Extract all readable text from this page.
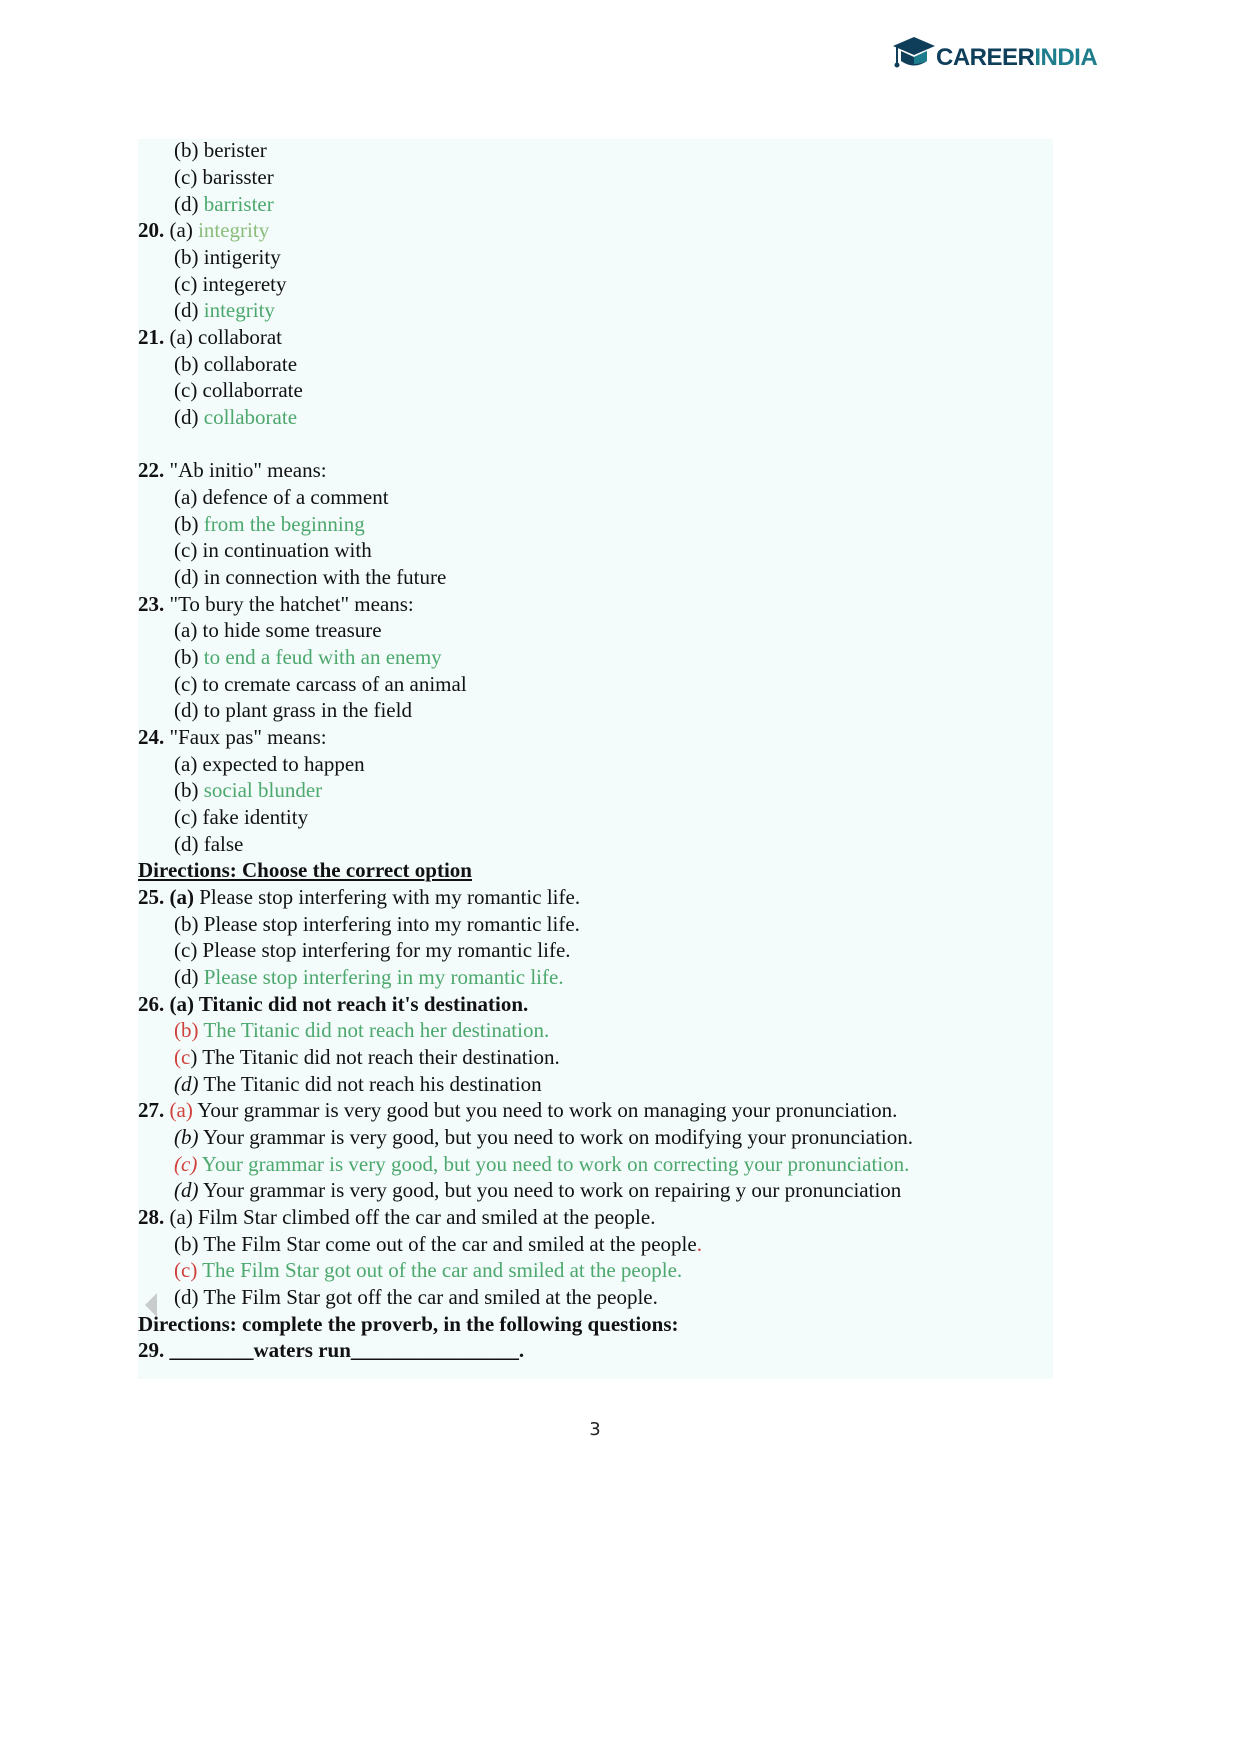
CAREERINDIA
(b) berister
(c) barisster
(d) barrister
20. (a) integrity
(b) intigerity
(c) integerety
(d) integrity
21. (a) collaborat
(b) collaborate
(c) collaborrate
(d) collaborate
22. "Ab initio" means:
(a) defence of a comment
(b) from the beginning
(c) in continuation with
(d) in connection with the future
23. "To bury the hatchet" means:
(a) to hide some treasure
(b) to end a feud with an enemy
(c) to cremate carcass of an animal
(d) to plant grass in the field
24. "Faux pas" means:
(a) expected to happen
(b) social blunder
(c) fake identity
(d) false
Directions: Choose the correct option
25. (a) Please stop interfering with my romantic life.
(b) Please stop interfering into my romantic life.
(c) Please stop interfering for my romantic life.
(d) Please stop interfering in my romantic life.
26. (a) Titanic did not reach it's destination.
(b) The Titanic did not reach her destination.
(c) The Titanic did not reach their destination.
(d) The Titanic did not reach his destination
27. (a) Your grammar is very good but you need to work on managing your pronunciation.
(b) Your grammar is very good, but you need to work on modifying your pronunciation.
(c) Your grammar is very good, but you need to work on correcting your pronunciation.
(d) Your grammar is very good, but you need to work on repairing y our pronunciation
28. (a) Film Star climbed off the car and smiled at the people.
(b) The Film Star come out of the car and smiled at the people.
(c) The Film Star got out of the car and smiled at the people.
(d) The Film Star got off the car and smiled at the people.
Directions: complete the proverb, in the following questions:
29. ________waters run________________.
3
